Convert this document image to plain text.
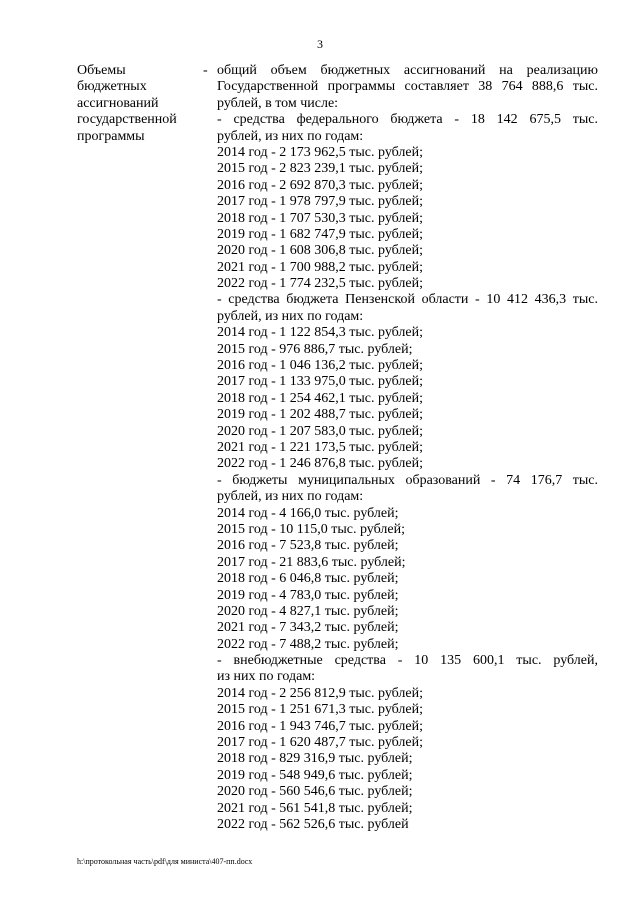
3
Объемы
бюджетных
ассигнований
государственной
программы
- общий объем бюджетных ассигнований на реализацию
Государственной программы составляет 38 764 888,6 тыс.
рублей, в том числе:
- средства федерального бюджета - 18 142 675,5 тыс.
рублей, из них по годам:
2014 год - 2 173 962,5 тыс. рублей;
2015 год - 2 823 239,1 тыс. рублей;
2016 год - 2 692 870,3 тыс. рублей;
2017 год - 1 978 797,9 тыс. рублей;
2018 год - 1 707 530,3 тыс. рублей;
2019 год - 1 682 747,9 тыс. рублей;
2020 год - 1 608 306,8 тыс. рублей;
2021 год - 1 700 988,2 тыс. рублей;
2022 год - 1 774 232,5 тыс. рублей;
- средства бюджета Пензенской области - 10 412 436,3 тыс.
рублей, из них по годам:
2014 год - 1 122 854,3 тыс. рублей;
2015 год - 976 886,7 тыс. рублей;
2016 год - 1 046 136,2 тыс. рублей;
2017 год - 1 133 975,0 тыс. рублей;
2018 год - 1 254 462,1 тыс. рублей;
2019 год - 1 202 488,7 тыс. рублей;
2020 год - 1 207 583,0 тыс. рублей;
2021 год - 1 221 173,5 тыс. рублей;
2022 год - 1 246 876,8 тыс. рублей;
- бюджеты муниципальных образований - 74 176,7 тыс.
рублей, из них по годам:
2014 год - 4 166,0 тыс. рублей;
2015 год - 10 115,0 тыс. рублей;
2016 год - 7 523,8 тыс. рублей;
2017 год - 21 883,6 тыс. рублей;
2018 год - 6 046,8 тыс. рублей;
2019 год - 4 783,0 тыс. рублей;
2020 год - 4 827,1 тыс. рублей;
2021 год - 7 343,2 тыс. рублей;
2022 год - 7 488,2 тыс. рублей;
- внебюджетные средства - 10 135 600,1 тыс. рублей,
из них по годам:
2014 год - 2 256 812,9 тыс. рублей;
2015 год - 1 251 671,3 тыс. рублей;
2016 год - 1 943 746,7 тыс. рублей;
2017 год - 1 620 487,7 тыс. рублей;
2018 год - 829 316,9 тыс. рублей;
2019 год - 548 949,6 тыс. рублей;
2020 год - 560 546,6 тыс. рублей;
2021 год - 561 541,8 тыс. рублей;
2022 год - 562 526,6 тыс. рублей
h:\протокольная часть\pdf\для министа\407-пп.docx
